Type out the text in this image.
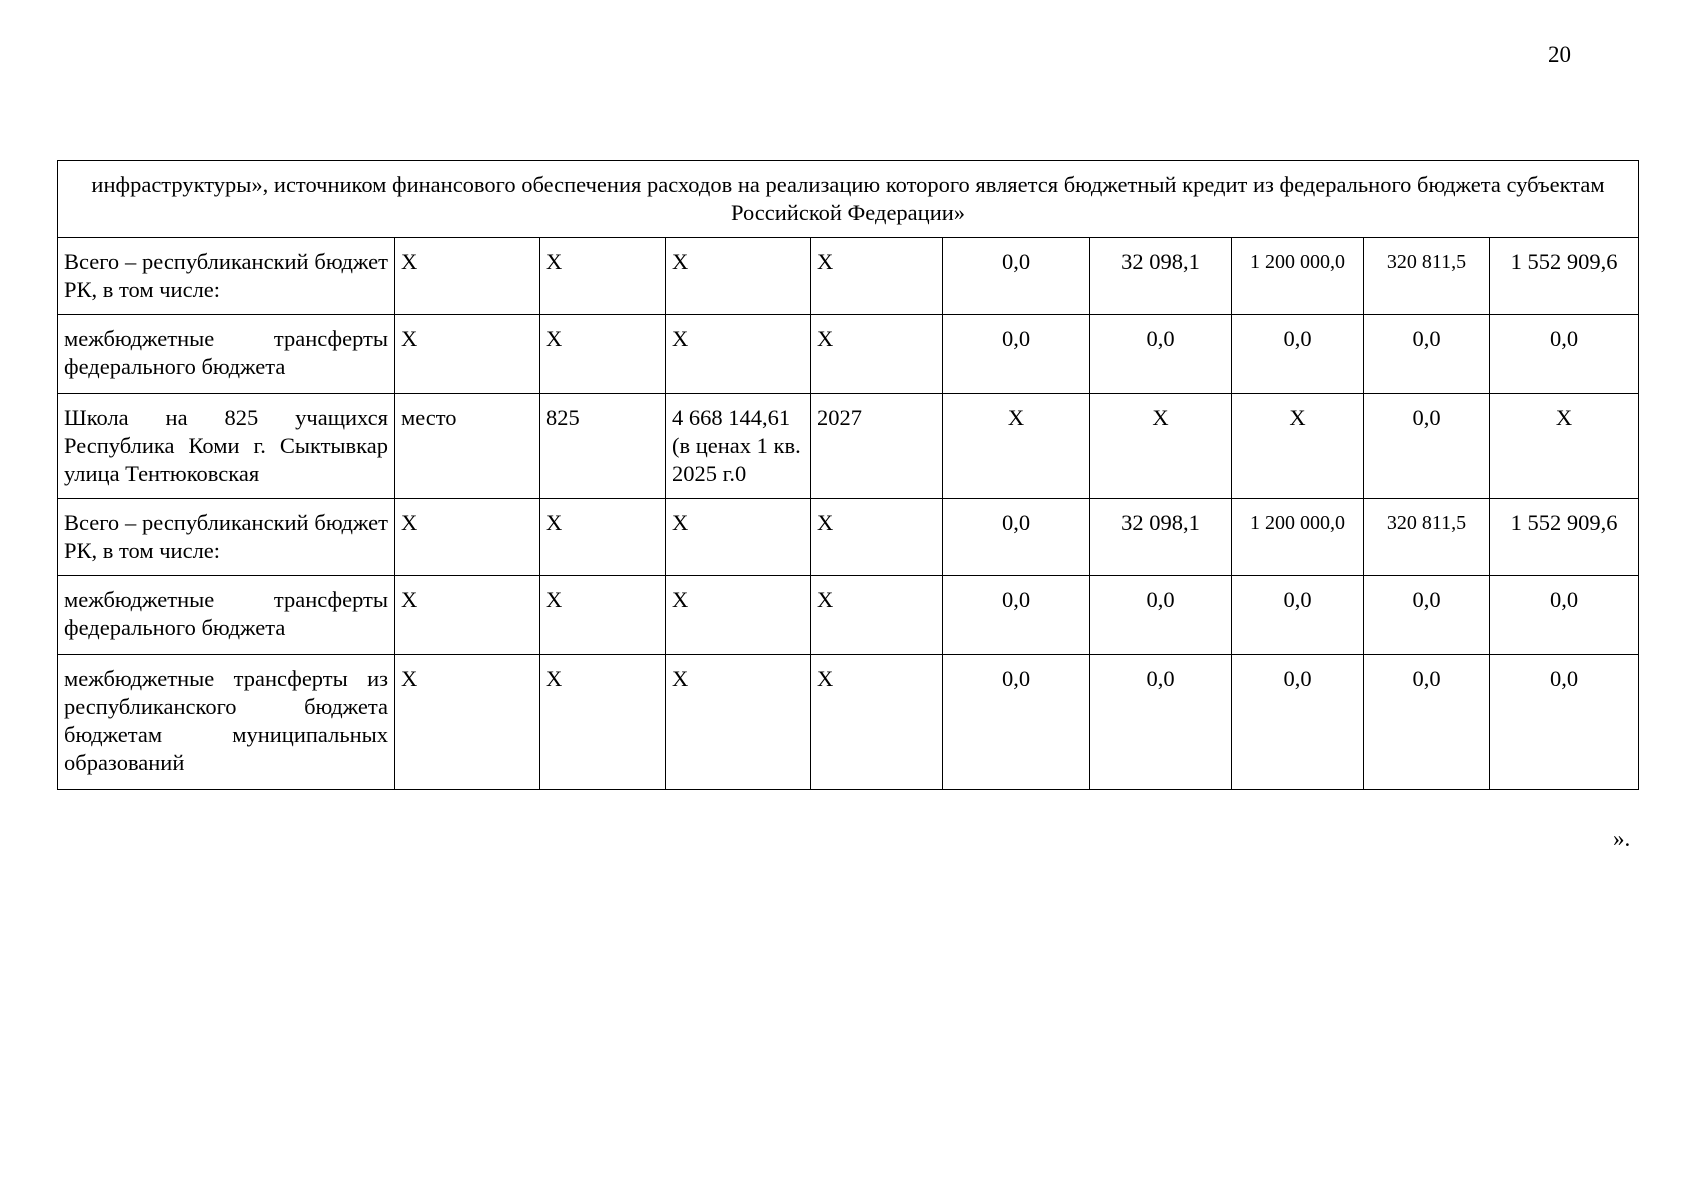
20
инфраструктуры», источником финансового обеспечения расходов на реализацию которого является бюджетный кредит из федерального бюджета субъектам Российской Федерации»									
Всего – республиканский бюджет РК, в том числе:	X	X	X	X	0,0	32 098,1	1 200 000,0	320 811,5	1 552 909,6
межбюджетные трансферты федерального бюджета	X	X	X	X	0,0	0,0	0,0	0,0	0,0
Школа на 825 учащихся Республика Коми г. Сыктывкар улица Тентюковская	место	825	4 668 144,61 (в ценах 1 кв. 2025 г.0	2027	X	X	X	0,0	X
Всего – республиканский бюджет РК, в том числе:	X	X	X	X	0,0	32 098,1	1 200 000,0	320 811,5	1 552 909,6
межбюджетные трансферты федерального бюджета	X	X	X	X	0,0	0,0	0,0	0,0	0,0
межбюджетные трансферты из республиканского бюджета бюджетам муниципальных образований	X	X	X	X	0,0	0,0	0,0	0,0	0,0
».
